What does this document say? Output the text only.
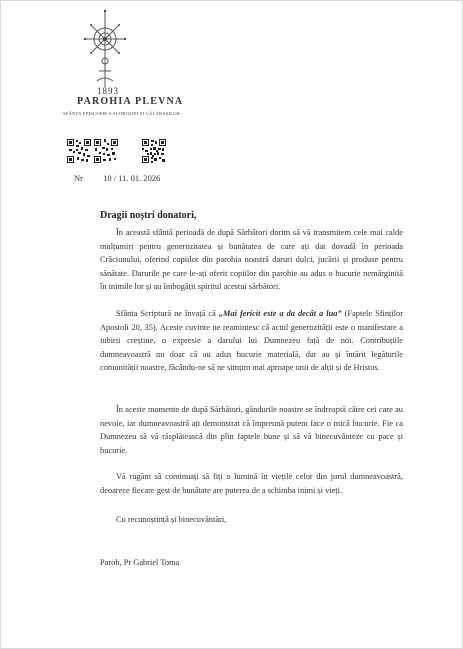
1893
PAROHIA PLEVNA
SFÂNTA EPISCOPIE A SLOBOZIEI ȘI CĂLĂRAȘILOR
Nr 10 / 11. 01. 2026
Dragii noștri donatori,

În această sfântă perioadă de după Sărbători dorim să vă transmitem cele mai calde mulțumiri pentru generozitatea și bunătatea de care ați dat dovadă în perioada Crăciunului, oferind copiilor din parohia noastră daruri dulci, jucării și produse pentru sănătate. Darurile pe care le-ați oferit copiilor din parohie au adus o bucurie nemărginită în inimile lor și au îmbogățit spiritul acestui sărbători.

Sfânta Scriptură ne învață că „Mai fericit este a da decât a lua” (Faptele Sfinților Apostoli 20, 35). Aceste cuvinte ne reamintesc că actul generozității este o manifestare a iubirii creștine, o expresie a darului lui Dumnezeu față de noi. Contribuțiile dumneavoastră nu doar că au adus bucurie materială, dar au și întărit legăturile comunității noastre, făcându-ne să ne simțim mai aproape unii de alții și de Hristos.

În aceste momente de după Sărbători, gândurile noastre se îndreaptă către cei care au nevoie, iar dumneavoastră ați demonstrat că împreună putem face o mică bucurie. Fie ca Dumnezeu să vă răsplătească din plin faptele bune și să vă binecuvânteze cu pace și bucurie.

Vă rugăm să continuați să fiți o lumină în viețile celor din jurul dumneavoastră, deoarece fiecare gest de bunătate are puterea de a schimba inimi și vieți.

Cu recunoștință și binecuvântări,
Paroh, Pr Gabriel Toma
